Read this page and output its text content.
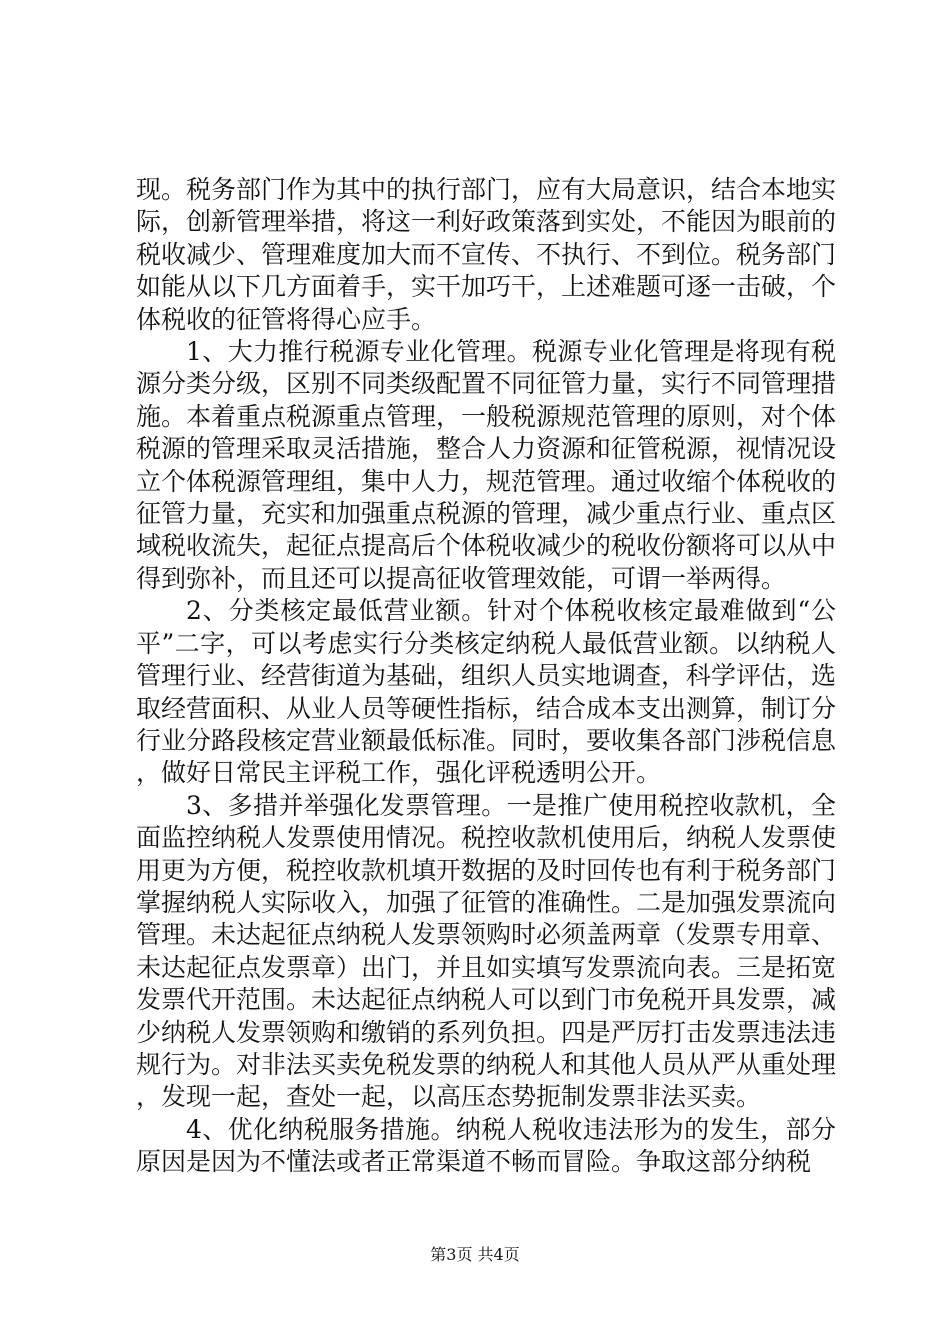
现。税务部门作为其中的执行部门，应有大局意识，结合本地实际，创新管理举措，将这一利好政策落到实处，不能因为眼前的税收减少、管理难度加大而不宣传、不执行、不到位。税务部门如能从以下几方面着手，实干加巧干，上述难题可逐一击破，个体税收的征管将得心应手。

1、大力推行税源专业化管理。税源专业化管理是将现有税源分类分级，区别不同类级配置不同征管力量，实行不同管理措施。本着重点税源重点管理，一般税源规范管理的原则，对个体税源的管理采取灵活措施，整合人力资源和征管税源，视情况设立个体税源管理组，集中人力，规范管理。通过收缩个体税收的征管力量，充实和加强重点税源的管理，减少重点行业、重点区域税收流失，起征点提高后个体税收减少的税收份额将可以从中得到弥补，而且还可以提高征收管理效能，可谓一举两得。

2、分类核定最低营业额。针对个体税收核定最难做到“公平”二字，可以考虑实行分类核定纳税人最低营业额。以纳税人管理行业、经营街道为基础，组织人员实地调查，科学评估，选取经营面积、从业人员等硬性指标，结合成本支出测算，制订分行业分路段核定营业额最低标准。同时，要收集各部门涉税信息，做好日常民主评税工作，强化评税透明公开。

3、多措并举强化发票管理。一是推广使用税控收款机，全面监控纳税人发票使用情况。税控收款机使用后，纳税人发票使用更为方便，税控收款机填开数据的及时回传也有利于税务部门掌握纳税人实际收入，加强了征管的准确性。二是加强发票流向管理。未达起征点纳税人发票领购时必须盖两章（发票专用章、未达起征点发票章）出门，并且如实填写发票流向表。三是拓宽发票代开范围。未达起征点纳税人可以到门市免税开具发票，减少纳税人发票领购和缴销的系列负担。四是严厉打击发票违法违规行为。对非法买卖免税发票的纳税人和其他人员从严从重处理，发现一起，查处一起，以高压态势扼制发票非法买卖。

4、优化纳税服务措施。纳税人税收违法形为的发生，部分原因是因为不懂法或者正常渠道不畅而冒险。争取这部分纳税

第3页 共4页
